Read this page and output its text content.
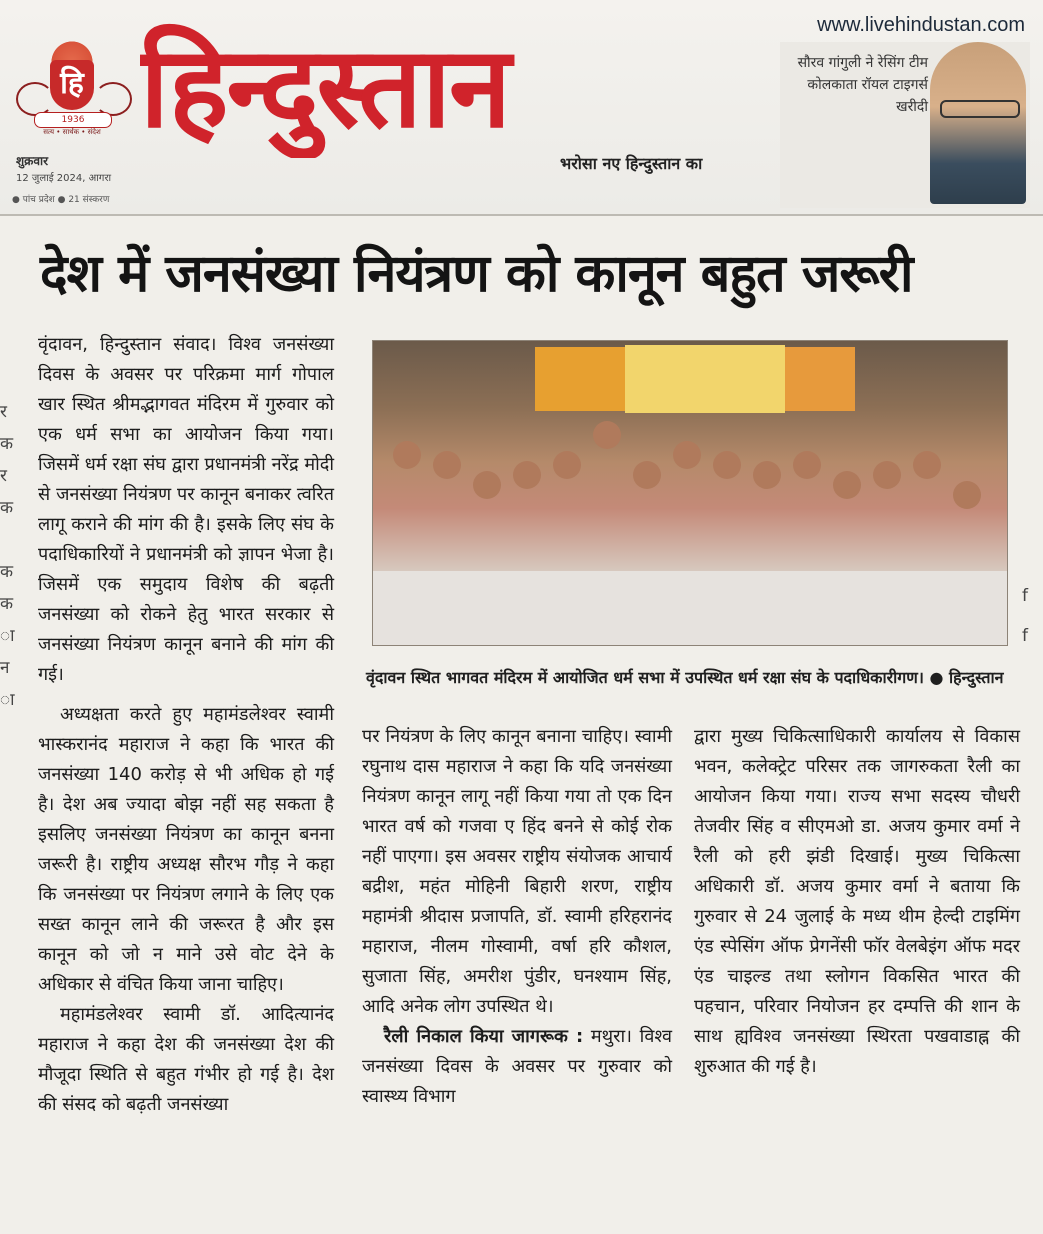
हि
1936
सत्य • सार्थक • संदेश हिन्दुस्तान
भरोसा नए हिन्दुस्तान का
शुक्रवार
12 जुलाई 2024, आगरा
● पांच प्रदेश ● 21 संस्करण
www.livehindustan.com
सौरव गांगुली ने रेसिंग टीम कोलकाता रॉयल टाइगर्स खरीदी
देश में जनसंख्या नियंत्रण को कानून बहुत जरूरी
र
क
र
क
क
क
ा
न
ा
f
f

वृंदावन, हिन्दुस्तान संवाद। विश्व जनसंख्या दिवस के अवसर पर परिक्रमा मार्ग गोपाल खार स्थित श्रीमद्भागवत मंदिरम में गुरुवार को एक धर्म सभा का आयोजन किया गया। जिसमें धर्म रक्षा संघ द्वारा प्रधानमंत्री नरेंद्र मोदी से जनसंख्या नियंत्रण पर कानून बनाकर त्वरित लागू कराने की मांग की है। इसके लिए संघ के पदाधिकारियों ने प्रधानमंत्री को ज्ञापन भेजा है। जिसमें एक समुदाय विशेष की बढ़ती जनसंख्या को रोकने हेतु भारत सरकार से जनसंख्या नियंत्रण कानून बनाने की मांग की गई।

अध्यक्षता करते हुए महामंडलेश्वर स्वामी भास्करानंद महाराज ने कहा कि भारत की जनसंख्या 140 करोड़ से भी अधिक हो गई है। देश अब ज्यादा बोझ नहीं सह सकता है इसलिए जनसंख्या नियंत्रण का कानून बनना जरूरी है। राष्ट्रीय अध्यक्ष सौरभ गौड़ ने कहा कि जनसंख्या पर नियंत्रण लगाने के लिए एक सख्त कानून लाने की जरूरत है और इस कानून को जो न माने उसे वोट देने के अधिकार से वंचित किया जाना चाहिए।

महामंडलेश्वर स्वामी डॉ. आदित्यानंद महाराज ने कहा देश की जनसंख्या देश की मौजूदा स्थिति से बहुत गंभीर हो गई है। देश की संसद को बढ़ती जनसंख्या

वृंदावन स्थित भागवत मंदिरम में आयोजित धर्म सभा में उपस्थित धर्म रक्षा संघ के पदाधिकारीगण। ● हिन्दुस्तान

पर नियंत्रण के लिए कानून बनाना चाहिए। स्वामी रघुनाथ दास महाराज ने कहा कि यदि जनसंख्या नियंत्रण कानून लागू नहीं किया गया तो एक दिन भारत वर्ष को गजवा ए हिंद बनने से कोई रोक नहीं पाएगा। इस अवसर राष्ट्रीय संयोजक आचार्य बद्रीश, महंत मोहिनी बिहारी शरण, राष्ट्रीय महामंत्री श्रीदास प्रजापति, डॉ. स्वामी हरिहरानंद महाराज, नीलम गोस्वामी, वर्षा हरि कौशल, सुजाता सिंह, अमरीश पुंडीर, घनश्याम सिंह, आदि अनेक लोग उपस्थित थे।

रैली निकाल किया जागरूक : मथुरा। विश्व जनसंख्या दिवस के अवसर पर गुरुवार को स्वास्थ्य विभाग

द्वारा मुख्य चिकित्साधिकारी कार्यालय से विकास भवन, कलेक्ट्रेट परिसर तक जागरुकता रैली का आयोजन किया गया। राज्य सभा सदस्य चौधरी तेजवीर सिंह व सीएमओ डा. अजय कुमार वर्मा ने रैली को हरी झंडी दिखाई। मुख्य चिकित्सा अधिकारी डॉ. अजय कुमार वर्मा ने बताया कि गुरुवार से 24 जुलाई के मध्य थीम हेल्दी टाइमिंग एंड स्पेसिंग ऑफ प्रेगनेंसी फॉर वेलबेइंग ऑफ मदर एंड चाइल्ड तथा स्लोगन विकसित भारत की पहचान, परिवार नियोजन हर दम्पत्ति की शान के साथ ह्यविश्व जनसंख्या स्थिरता पखवाडाह्न की शुरुआत की गई है।
